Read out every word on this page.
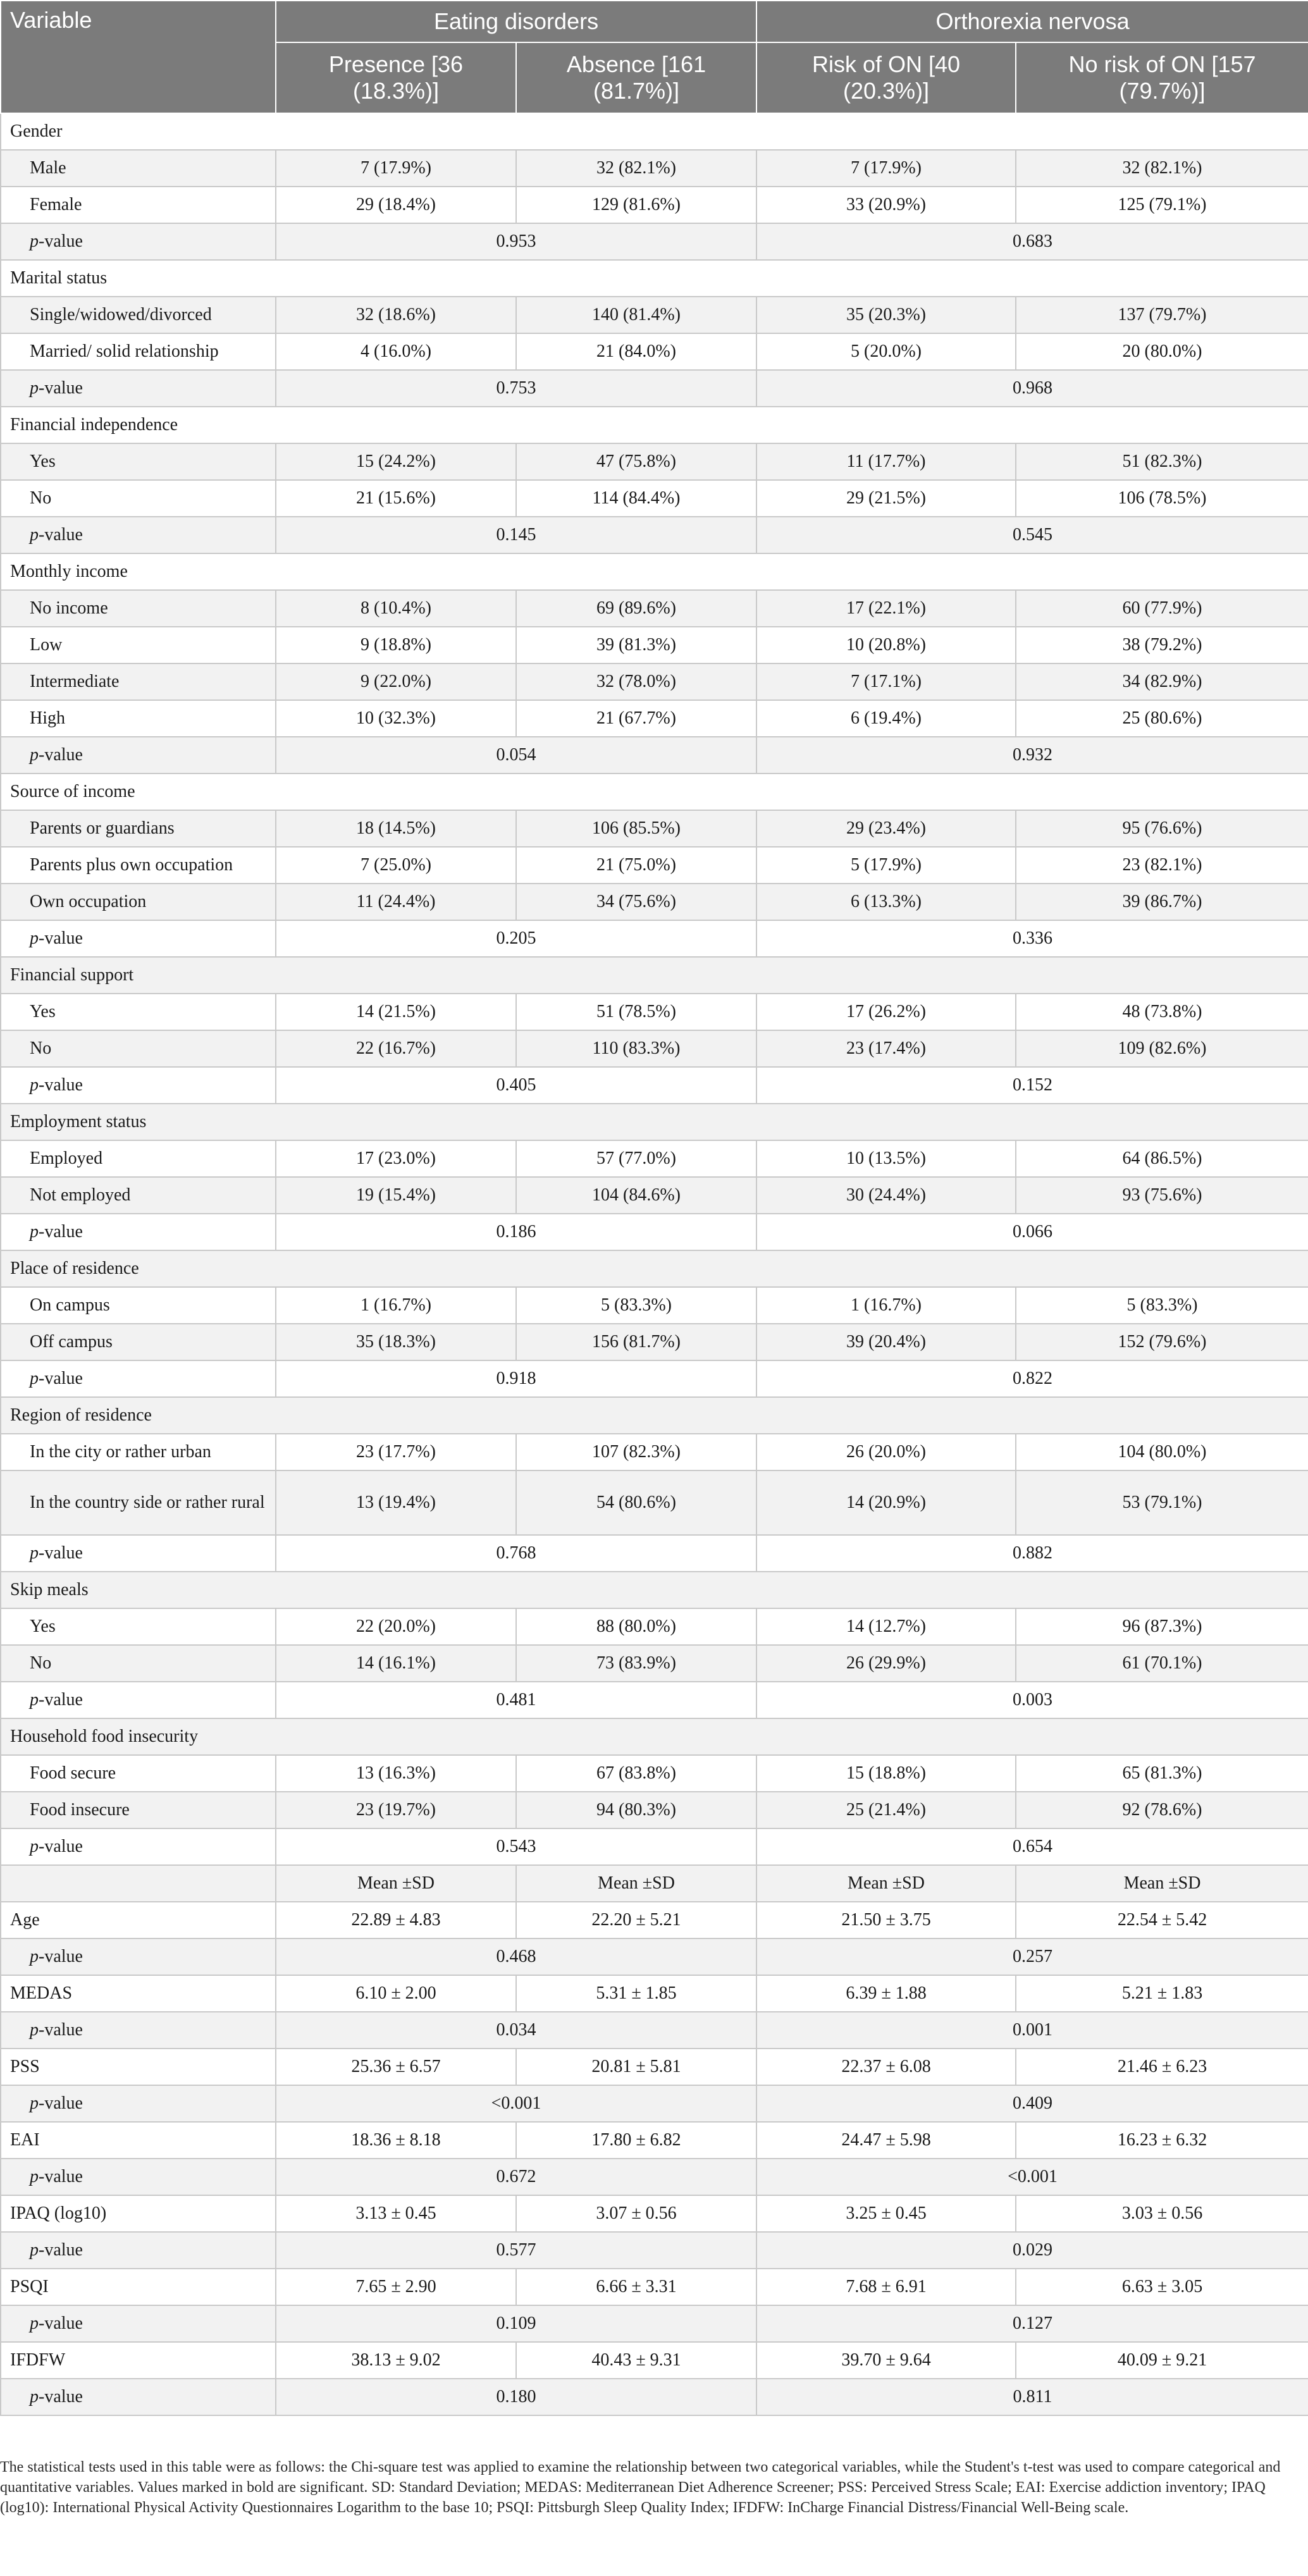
Variable	Eating disorders		Orthorexia nervosa	
	Presence [36 (18.3%)]	Absence [161 (81.7%)]	Risk of ON [40 (20.3%)]	No risk of ON [157 (79.7%)]
Gender				
Male	7 (17.9%)	32 (82.1%)	7 (17.9%)	32 (82.1%)
Female	29 (18.4%)	129 (81.6%)	33 (20.9%)	125 (79.1%)
p-value	0.953		0.683	
Marital status				
Single/widowed/divorced	32 (18.6%)	140 (81.4%)	35 (20.3%)	137 (79.7%)
Married/ solid relationship	4 (16.0%)	21 (84.0%)	5 (20.0%)	20 (80.0%)
p-value	0.753		0.968	
Financial independence				
Yes	15 (24.2%)	47 (75.8%)	11 (17.7%)	51 (82.3%)
No	21 (15.6%)	114 (84.4%)	29 (21.5%)	106 (78.5%)
p-value	0.145		0.545	
Monthly income				
No income	8 (10.4%)	69 (89.6%)	17 (22.1%)	60 (77.9%)
Low	9 (18.8%)	39 (81.3%)	10 (20.8%)	38 (79.2%)
Intermediate	9 (22.0%)	32 (78.0%)	7 (17.1%)	34 (82.9%)
High	10 (32.3%)	21 (67.7%)	6 (19.4%)	25 (80.6%)
p-value	0.054		0.932	
Source of income				
Parents or guardians	18 (14.5%)	106 (85.5%)	29 (23.4%)	95 (76.6%)
Parents plus own occupation	7 (25.0%)	21 (75.0%)	5 (17.9%)	23 (82.1%)
Own occupation	11 (24.4%)	34 (75.6%)	6 (13.3%)	39 (86.7%)
p-value	0.205		0.336	
Financial support				
Yes	14 (21.5%)	51 (78.5%)	17 (26.2%)	48 (73.8%)
No	22 (16.7%)	110 (83.3%)	23 (17.4%)	109 (82.6%)
p-value	0.405		0.152	
Employment status				
Employed	17 (23.0%)	57 (77.0%)	10 (13.5%)	64 (86.5%)
Not employed	19 (15.4%)	104 (84.6%)	30 (24.4%)	93 (75.6%)
p-value	0.186		0.066	
Place of residence				
On campus	1 (16.7%)	5 (83.3%)	1 (16.7%)	5 (83.3%)
Off campus	35 (18.3%)	156 (81.7%)	39 (20.4%)	152 (79.6%)
p-value	0.918		0.822	
Region of residence				
In the city or rather urban	23 (17.7%)	107 (82.3%)	26 (20.0%)	104 (80.0%)
In the country side or rather rural	13 (19.4%)	54 (80.6%)	14 (20.9%)	53 (79.1%)
p-value	0.768		0.882	
Skip meals				
Yes	22 (20.0%)	88 (80.0%)	14 (12.7%)	96 (87.3%)
No	14 (16.1%)	73 (83.9%)	26 (29.9%)	61 (70.1%)
p-value	0.481		0.003	
Household food insecurity				
Food secure	13 (16.3%)	67 (83.8%)	15 (18.8%)	65 (81.3%)
Food insecure	23 (19.7%)	94 (80.3%)	25 (21.4%)	92 (78.6%)
p-value	0.543		0.654	
	Mean ±SD	Mean ±SD	Mean ±SD	Mean ±SD
Age	22.89 ± 4.83	22.20 ± 5.21	21.50 ± 3.75	22.54 ± 5.42
p-value	0.468		0.257	
MEDAS	6.10 ± 2.00	5.31 ± 1.85	6.39 ± 1.88	5.21 ± 1.83
p-value	0.034		0.001	
PSS	25.36 ± 6.57	20.81 ± 5.81	22.37 ± 6.08	21.46 ± 6.23
p-value	<0.001		0.409	
EAI	18.36 ± 8.18	17.80 ± 6.82	24.47 ± 5.98	16.23 ± 6.32
p-value	0.672		<0.001	
IPAQ (log10)	3.13 ± 0.45	3.07 ± 0.56	3.25 ± 0.45	3.03 ± 0.56
p-value	0.577		0.029	
PSQI	7.65 ± 2.90	6.66 ± 3.31	7.68 ± 6.91	6.63 ± 3.05
p-value	0.109		0.127	
IFDFW	38.13 ± 9.02	40.43 ± 9.31	39.70 ± 9.64	40.09 ± 9.21
p-value	0.180		0.811	
The statistical tests used in this table were as follows: the Chi-square test was applied to examine the relationship between two categorical variables, while the Student's t-test was used to compare categorical and quantitative variables. Values marked in bold are significant. SD: Standard Deviation; MEDAS: Mediterranean Diet Adherence Screener; PSS: Perceived Stress Scale; EAI: Exercise addiction inventory; IPAQ (log10): International Physical Activity Questionnaires Logarithm to the base 10; PSQI: Pittsburgh Sleep Quality Index; IFDFW: InCharge Financial Distress/Financial Well-Being scale.
